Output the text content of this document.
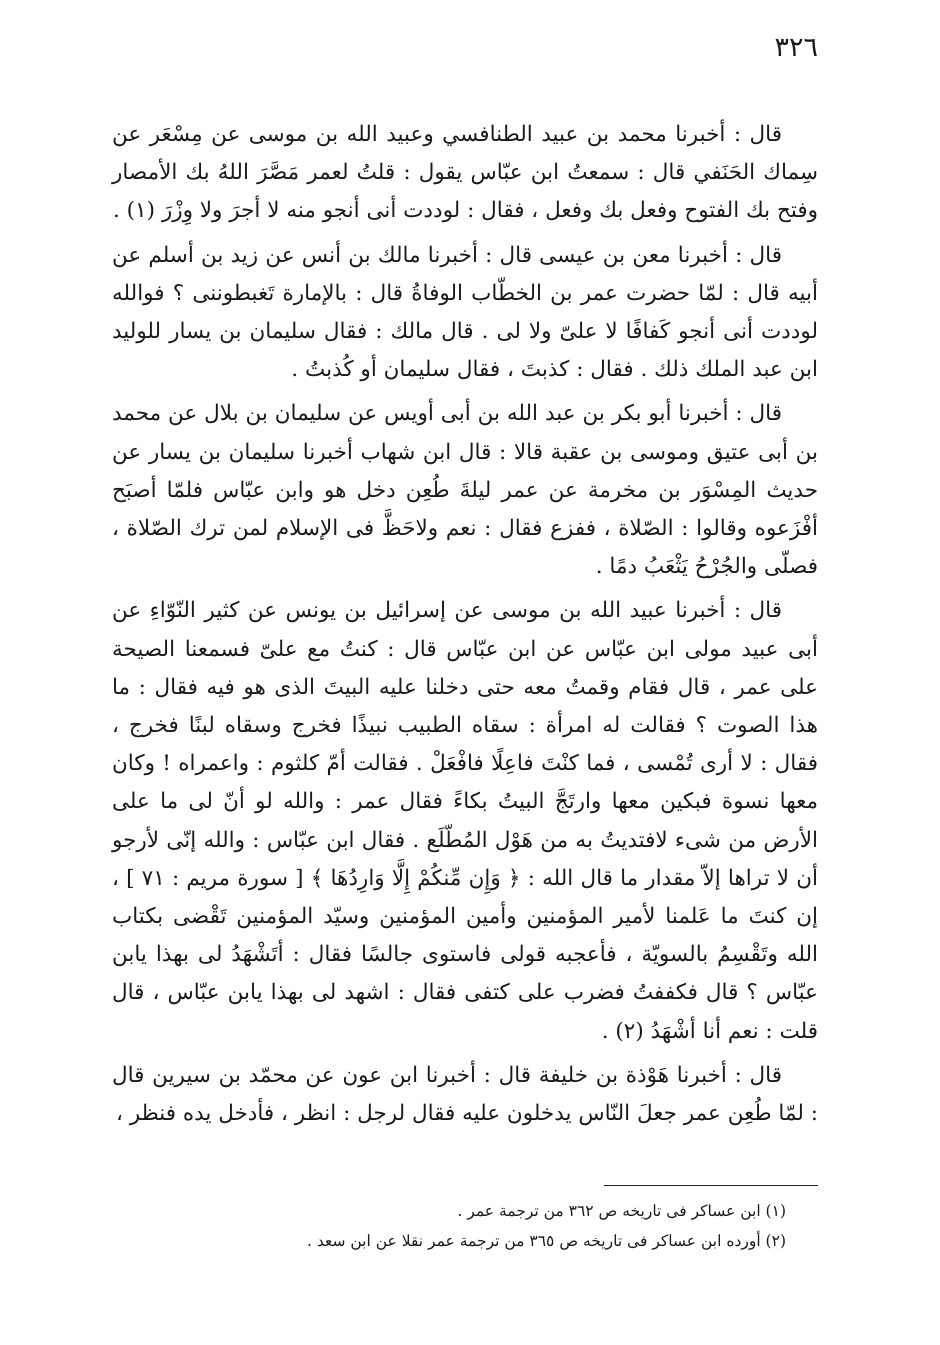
٣٢٦

قال : أخبرنا محمد بن عبيد الطنافسي وعبيد الله بن موسى عن مِسْعَر عن سِماك الحَنَفي قال : سمعتُ ابن عبّاس يقول : قلتُ لعمر مَصَّرَ اللهُ بك الأمصار وفتح بك الفتوح وفعل بك وفعل ، فقال : لوددت أنى أنجو منه لا أجرَ ولا وِزْرَ (١) .

قال : أخبرنا معن بن عيسى قال : أخبرنا مالك بن أنس عن زيد بن أسلم عن أبيه قال : لمّا حضرت عمر بن الخطّاب الوفاةُ قال : بالإمارة تَغبطوننى ؟ فوالله لوددت أنى أنجو كَفافًا لا علىّ ولا لى . قال مالك : فقال سليمان بن يسار للوليد ابن عبد الملك ذلك . فقال : كذبتَ ، فقال سليمان أو كُذبتُ .

قال : أخبرنا أبو بكر بن عبد الله بن أبى أويس عن سليمان بن بلال عن محمد بن أبى عتيق وموسى بن عقبة قالا : قال ابن شهاب أخبرنا سليمان بن يسار عن حديث المِسْوَر بن مخرمة عن عمر ليلةَ طُعِن دخل هو وابن عبّاس فلمّا أصبَح أفْزَعوه وقالوا : الصّلاة ، ففزع فقال : نعم ولاحَظَّ فى الإسلام لمن ترك الصّلاة ، فصلّى والجُرْحُ يَثْعَبُ دمًا .

قال : أخبرنا عبيد الله بن موسى عن إسرائيل بن يونس عن كثير النّوّاءِ عن أبى عبيد مولى ابن عبّاس عن ابن عبّاس قال : كنتُ مع علىّ فسمعنا الصيحة على عمر ، قال فقام وقمتُ معه حتى دخلنا عليه البيتَ الذى هو فيه فقال : ما هذا الصوت ؟ فقالت له امرأة : سقاه الطبيب نبيذًا فخرج وسقاه لبنًا فخرج ، فقال : لا أرى تُمْسى ، فما كنْتَ فاعِلًا فافْعَلْ . فقالت أمّ كلثوم : واعمراه ! وكان معها نسوة فبكين معها وارتَجَّ البيتُ بكاءً فقال عمر : والله لو أنّ لى ما على الأرض من شىء لافتديتُ به من هَوْل المُطّلَع . فقال ابن عبّاس : والله إنّى لأرجو أن لا تراها إلاّ مقدار ما قال الله : ﴿ وَإِن مِّنكُمْ إِلَّا وَارِدُهَا ﴾ [ سورة مريم : ٧١ ] ، إن كنتَ ما عَلمنا لأمير المؤمنين وأمين المؤمنين وسيّد المؤمنين تَقْضى بكتاب الله وتَقْسِمُ بالسويّة ، فأعجبه قولى فاستوى جالسًا فقال : أتَشْهَدُ لى بهذا يابن عبّاس ؟ قال فكففتُ فضرب على كتفى فقال : اشهد لى بهذا يابن عبّاس ، قال قلت : نعم أنا أشْهَدُ (٢) .

قال : أخبرنا هَوْذة بن خليفة قال : أخبرنا ابن عون عن محمّد بن سيرين قال : لمّا طُعِن عمر جعلَ النّاس يدخلون عليه فقال لرجل : انظر ، فأدخل يده فنظر ،

(١) ابن عساكر فى تاريخه ص ٣٦٢ من ترجمة عمر .

(٢) أورده ابن عساكر فى تاريخه ص ٣٦٥ من ترجمة عمر نقلا عن ابن سعد .
